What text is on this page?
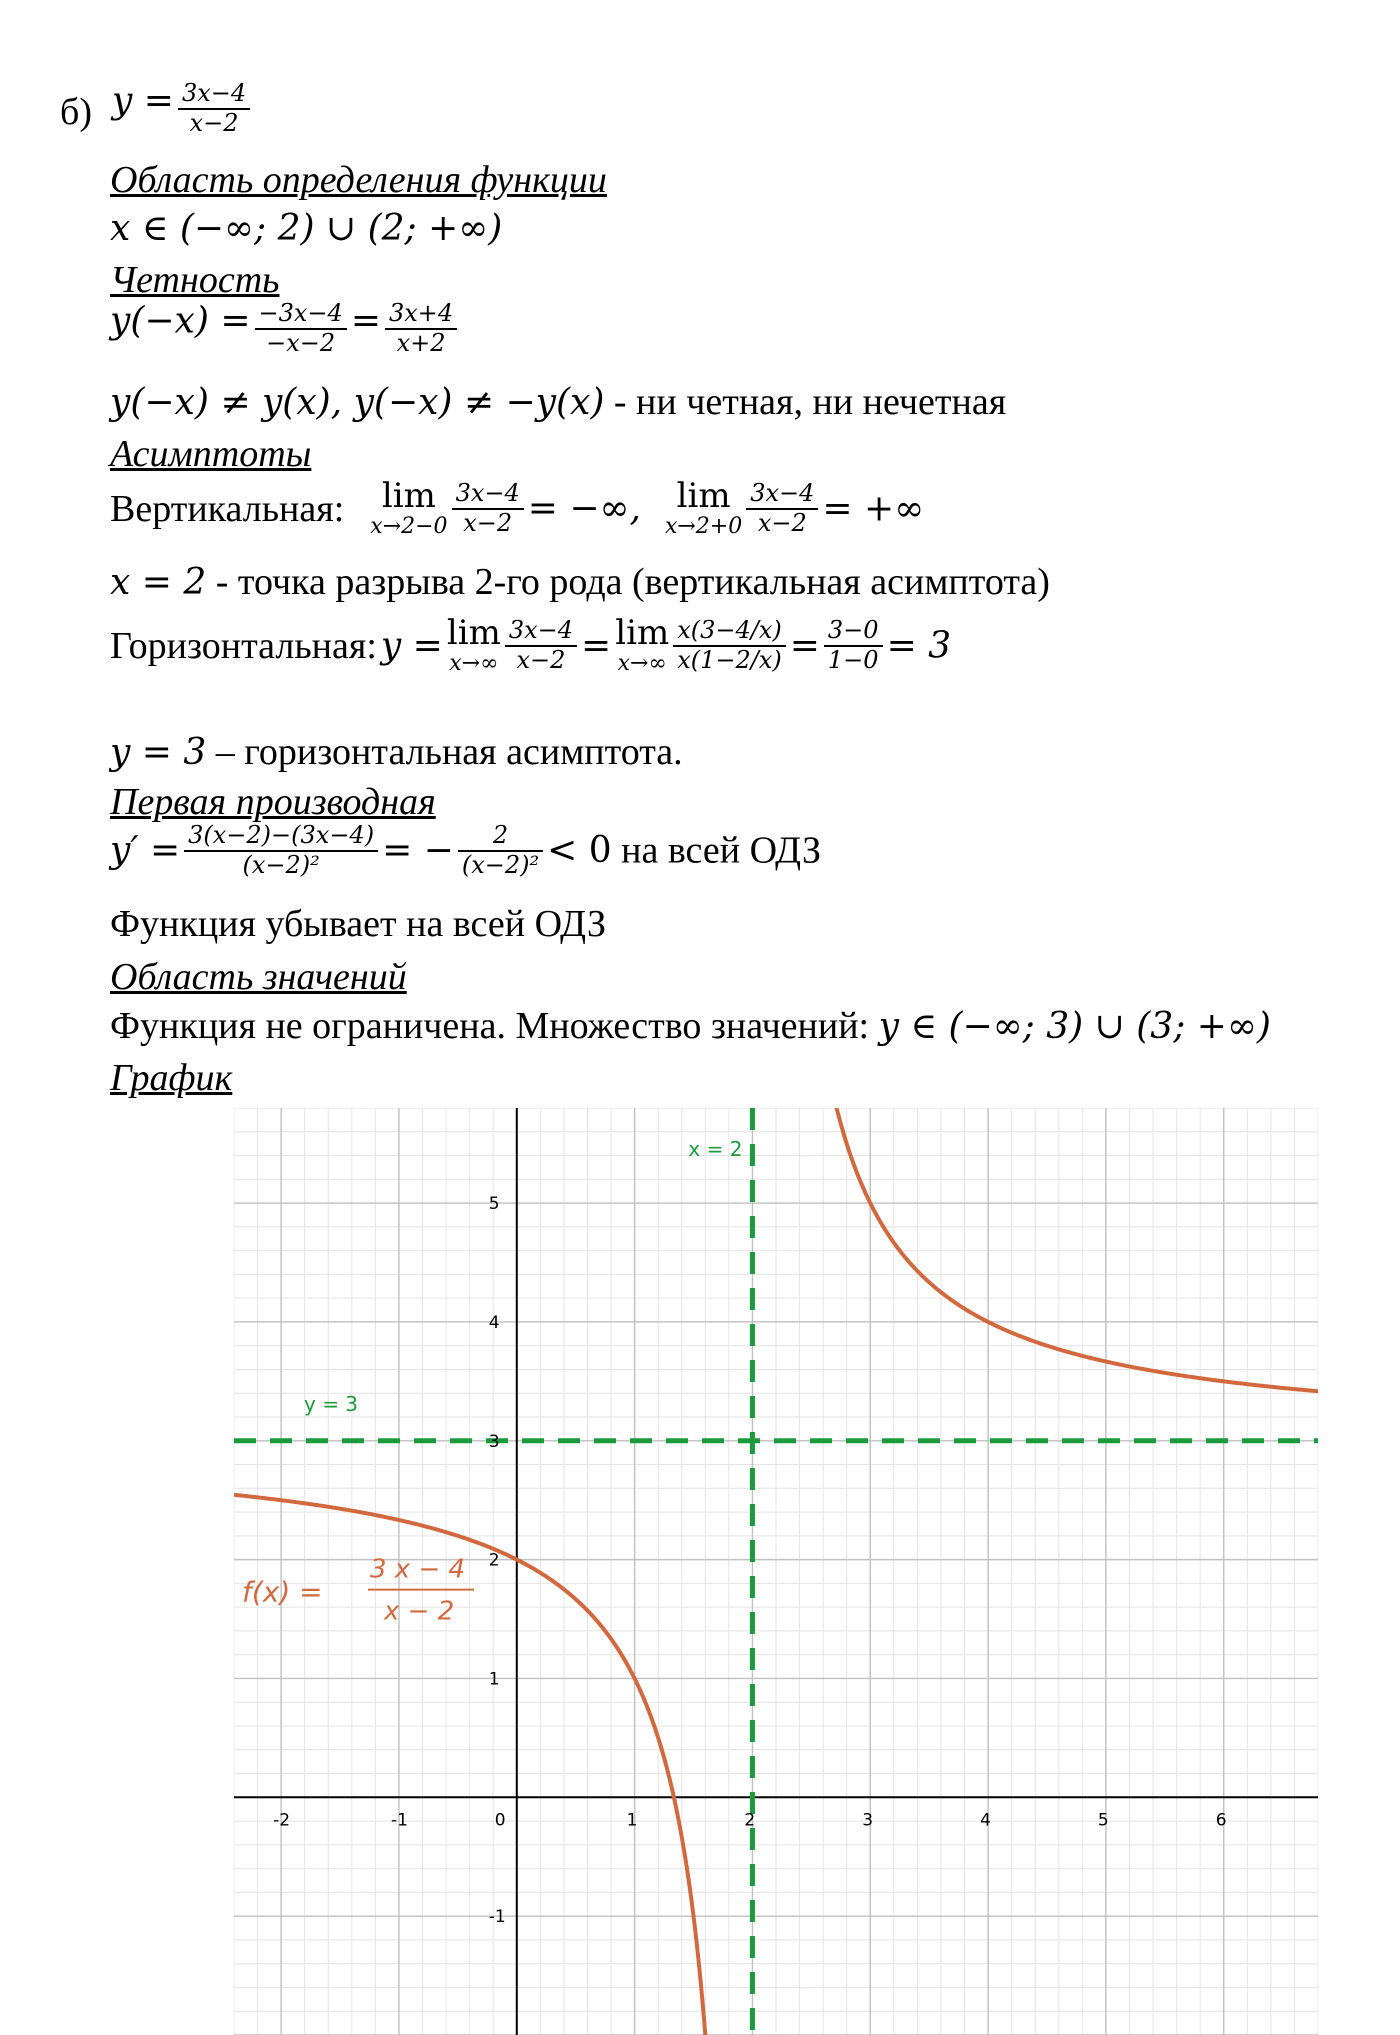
б) $y = \frac{3x-4}{x-2}$
Область определения функции
x ∈ (−∞; 2) ∪ (2; +∞)
Четность
$y(-x) = \frac{-3x-4}{-x-2} = \frac{3x+4}{x+2}$
y(−x) ≠ y(x), y(−x) ≠ −y(x) - ни четная, ни нечетная
Асимптоты
Вертикальная:	lim
x→2−0
$\frac{3x-4}{x-2}$ = −∞,	lim
x→2+0
$\frac{3x-4}{x-2}$ = +∞
x = 2 - точка разрыва 2-го рода (вертикальная асимптота)
Горизонтальная: y = lim
x→∞
$\frac{3x-4}{x-2} = \lim$
x→∞
$\frac{x(3-4/x)}{x(1-2/x)} = \frac{3-0}{1-0} = 3$
y = 3 – горизонтальная асимптота.
Первая производная
$y' = \frac{3(x-2)-(3x-4)}{\text{(x−2)²}}$ = − $\frac{2}{\text{(x−2)²}} < 0$ на всей ОДЗ
Функция убывает на всей ОДЗ
Область значений
Функция не ограничена. Множество значений: y ∈ (−∞; 3) ∪ (3; +∞)
График
-2	-1	0	1	2	3	4	5	6
-1
1
2
3
4
5
x = 2
y = 3
f(x) =
3 x − 4
x − 2
